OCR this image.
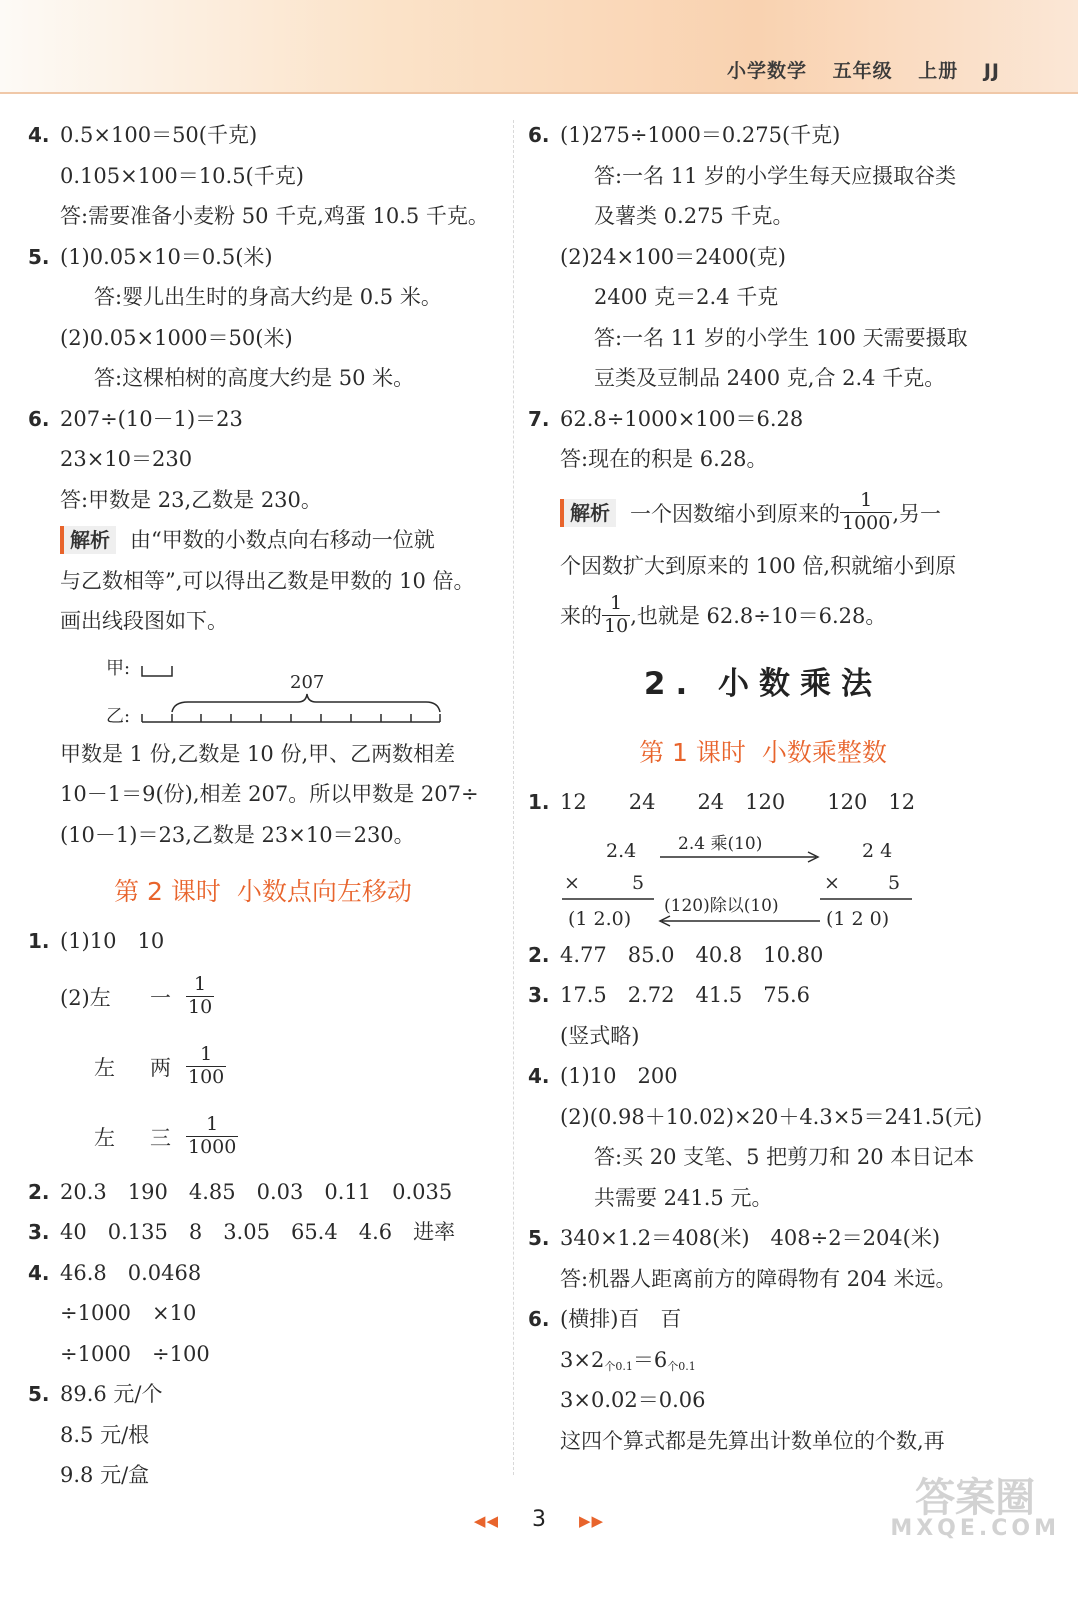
小学数学 五年级 上册 JJ
4. 0.5×100＝50(千克)
0.105×100＝10.5(千克)
答:需要准备小麦粉 50 千克,鸡蛋 10.5 千克。
5. (1)0.05×10＝0.5(米)
答:婴儿出生时的身高大约是 0.5 米。
(2)0.05×1000＝50(米)
答:这棵柏树的高度大约是 50 米。
6. 207÷(10－1)＝23
23×10＝230
答:甲数是 23,乙数是 230。
解析 由“甲数的小数点向右移动一位就
与乙数相等”,可以得出乙数是甲数的 10 倍。
画出线段图如下。
甲:
乙:
207
甲数是 1 份,乙数是 10 份,甲、乙两数相差
10－1＝9(份),相差 207。所以甲数是 207÷
(10－1)＝23,乙数是 23×10＝230。
第 2 课时 小数点向左移动
1. (1)10　10
(2)左	一 $\frac{1}{10}$
左	两 $\frac{1}{100}$
左	三 $\frac{1}{1000}$
2. 20.3　190　4.85　0.03　0.11　0.035
3. 40　0.135　8　3.05　65.4　4.6　进率
4. 46.8　0.0468
÷1000　×10
÷1000　÷100
5. 89.6 元/个
8.5 元/根
9.8 元/盒
6. (1)275÷1000＝0.275(千克)
答:一名 11 岁的小学生每天应摄取谷类
及薯类 0.275 千克。
(2)24×100＝2400(克)
2400 克＝2.4 千克
答:一名 11 岁的小学生 100 天需要摄取
豆类及豆制品 2400 克,合 2.4 千克。
7. 62.8÷1000×100＝6.28
答:现在的积是 6.28。
解析 一个因数缩小到原来的 $\frac{1}{1000}$ ,另一
个因数扩大到原来的 100 倍,积就缩小到原
来的 $\frac{1}{10}$ ,也就是 62.8÷10＝6.28。
2. 小数乘法
第 1 课时 小数乘整数
1. 12　　24　　24　120　　120　12
2.4
×	5
(1 2.0)
2.4 乘(10)
(120)除以(10)
2 4
×	5
(1 2 0)
2. 4.77　85.0　40.8　10.80
3. 17.5　2.72　41.5　75.6
(竖式略)
4. (1)10　200
(2)(0.98＋10.02)×20＋4.3×5＝241.5(元)
答:买 20 支笔、5 把剪刀和 20 本日记本
共需要 241.5 元。
5. 340×1.2＝408(米)　408÷2＝204(米)
答:机器人距离前方的障碍物有 204 米远。
6. (横排)百　百
$3\times 2_{个0.1}=6_{个0.1}$
3×0.02＝0.06
这四个算式都是先算出计数单位的个数,再
◀◀ 3 ▶▶	答案圈
MXQE.COM
